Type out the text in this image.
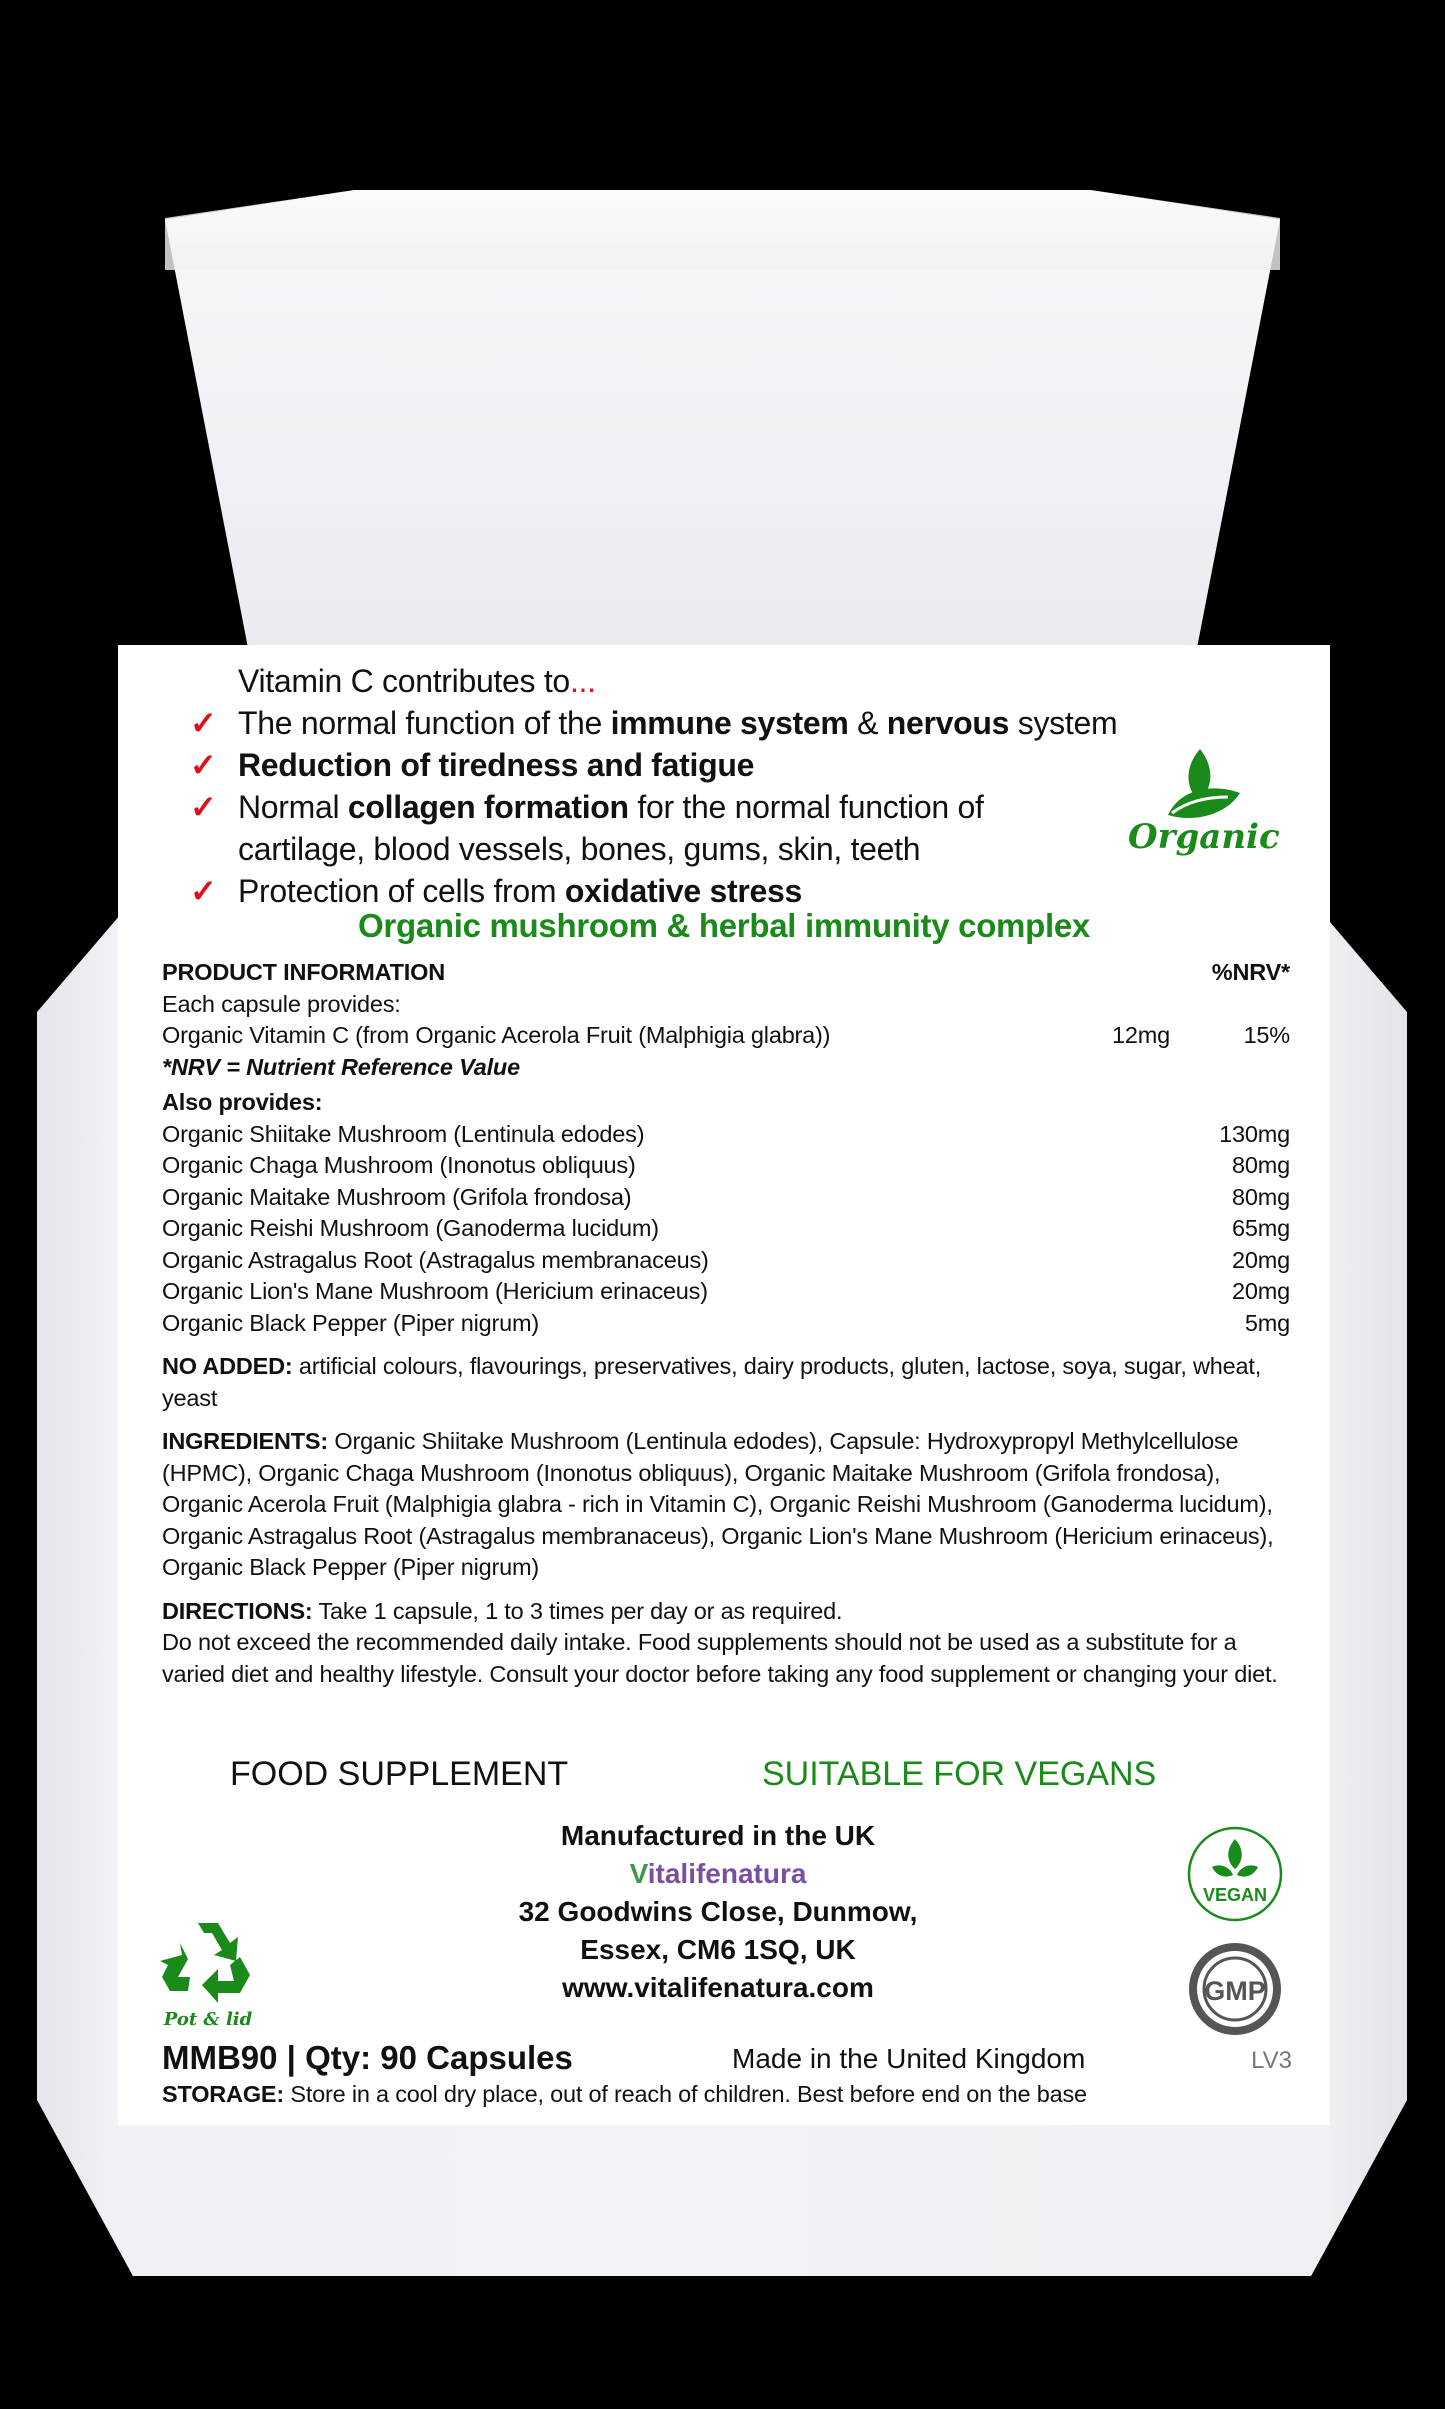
Vitamin C contributes to...
✓ The normal function of the immune system & nervous system
✓ Reduction of tiredness and fatigue
✓ Normal collagen formation for the normal function of cartilage, blood vessels, bones, gums, skin, teeth
✓ Protection of cells from oxidative stress
Organic
Organic mushroom & herbal immunity complex
PRODUCT INFORMATION	%NRV*
Each capsule provides:
Organic Vitamin C (from Organic Acerola Fruit (Malphigia glabra))	12mg	15%
*NRV = Nutrient Reference Value
Also provides:
Organic Shiitake Mushroom (Lentinula edodes)	130mg
Organic Chaga Mushroom (Inonotus obliquus)	80mg
Organic Maitake Mushroom (Grifola frondosa)	80mg
Organic Reishi Mushroom (Ganoderma lucidum)	65mg
Organic Astragalus Root (Astragalus membranaceus)	20mg
Organic Lion's Mane Mushroom (Hericium erinaceus)	20mg
Organic Black Pepper (Piper nigrum)	5mg
NO ADDED: artificial colours, flavourings, preservatives, dairy products, gluten, lactose, soya, sugar, wheat, yeast
INGREDIENTS: Organic Shiitake Mushroom (Lentinula edodes), Capsule: Hydroxypropyl Methylcellulose (HPMC), Organic Chaga Mushroom (Inonotus obliquus), Organic Maitake Mushroom (Grifola frondosa), Organic Acerola Fruit (Malphigia glabra - rich in Vitamin C), Organic Reishi Mushroom (Ganoderma lucidum), Organic Astragalus Root (Astragalus membranaceus), Organic Lion's Mane Mushroom (Hericium erinaceus), Organic Black Pepper (Piper nigrum)
DIRECTIONS: Take 1 capsule, 1 to 3 times per day or as required.
Do not exceed the recommended daily intake. Food supplements should not be used as a substitute for a varied diet and healthy lifestyle. Consult your doctor before taking any food supplement or changing your diet.
FOOD SUPPLEMENT	SUITABLE FOR VEGANS
Manufactured in the UK
Vitalifenatura
32 Goodwins Close, Dunmow,
Essex, CM6 1SQ, UK
www.vitalifenatura.com
Pot & lid
VEGAN
GMP
MMB90 | Qty: 90 Capsules	Made in the United Kingdom	LV3
STORAGE: Store in a cool dry place, out of reach of children. Best before end on the base
